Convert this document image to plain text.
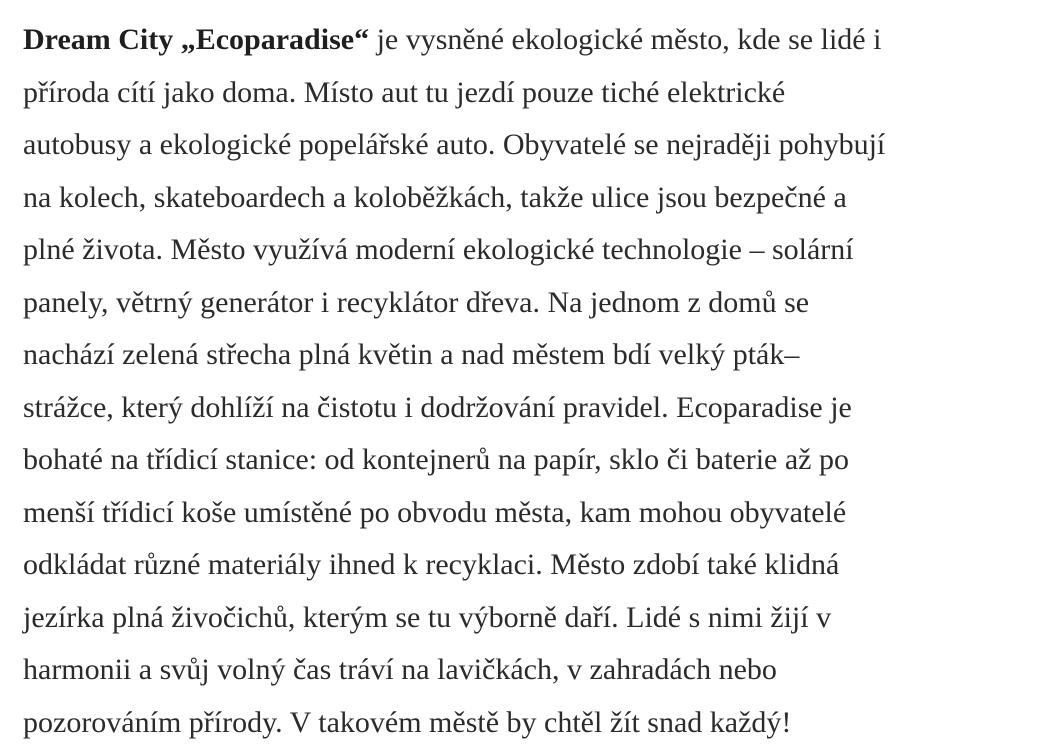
Dream City „Ecoparadise“ je vysněné ekologické město, kde se lidé i
příroda cítí jako doma. Místo aut tu jezdí pouze tiché elektrické
autobusy a ekologické popelářské auto. Obyvatelé se nejraději pohybují
na kolech, skateboardech a koloběžkách, takže ulice jsou bezpečné a
plné života. Město využívá moderní ekologické technologie – solární
panely, větrný generátor i recyklátor dřeva. Na jednom z domů se
nachází zelená střecha plná květin a nad městem bdí velký pták–
strážce, který dohlíží na čistotu i dodržování pravidel. Ecoparadise je
bohaté na třídicí stanice: od kontejnerů na papír, sklo či baterie až po
menší třídicí koše umístěné po obvodu města, kam mohou obyvatelé
odkládat různé materiály ihned k recyklaci. Město zdobí také klidná
jezírka plná živočichů, kterým se tu výborně daří. Lidé s nimi žijí v
harmonii a svůj volný čas tráví na lavičkách, v zahradách nebo
pozorováním přírody. V takovém městě by chtěl žít snad každý!
